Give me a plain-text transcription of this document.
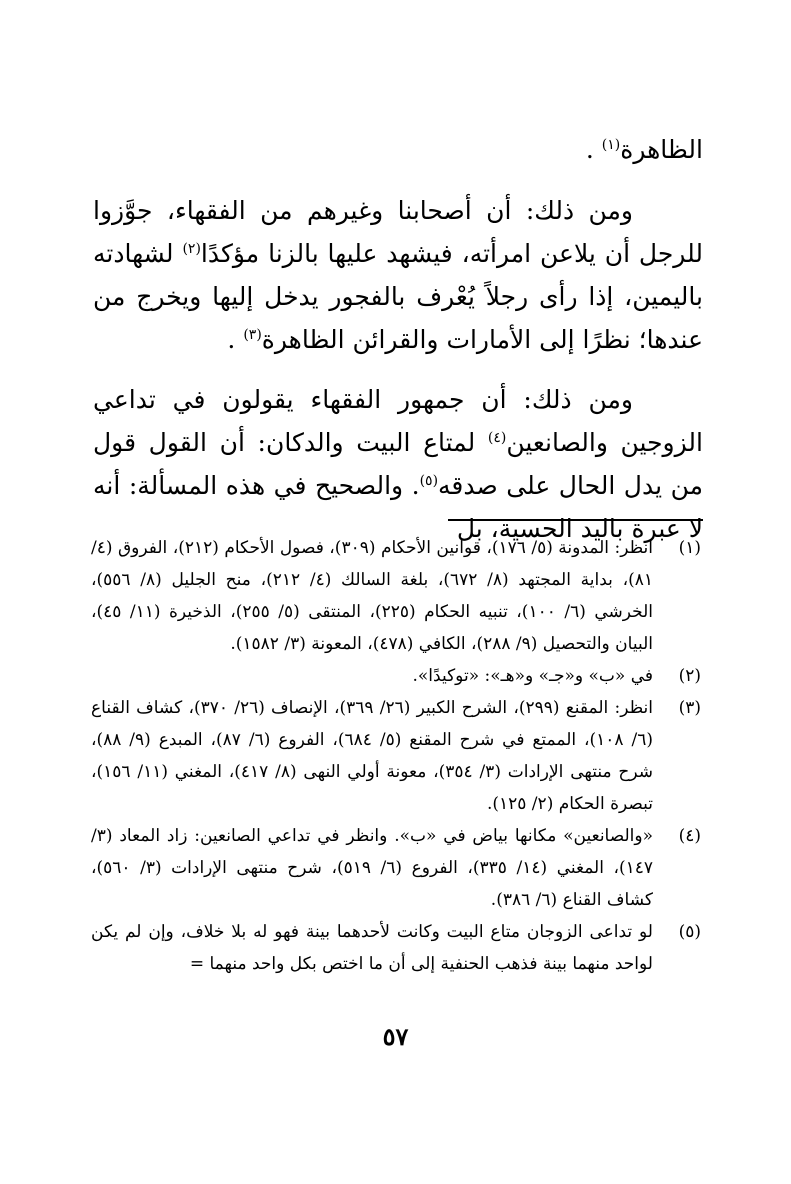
الظاهرة$^{(١)}$ .

ومن ذلك: أن أصحابنا وغيرهم من الفقهاء، جوَّزوا للرجل أن يلاعن امرأته، فيشهد عليها بالزنا مؤكدًا$^{(٢)}$ لشهادته باليمين، إذا رأى رجلاً يُعْرف بالفجور يدخل إليها ويخرج من عندها؛ نظرًا إلى الأمارات والقرائن الظاهرة$^{(٣)}$ .

ومن ذلك: أن جمهور الفقهاء يقولون في تداعي الزوجين والصانعين$^{(٤)}$ لمتاع البيت والدكان: أن القول قول من يدل الحال على صدقه$^{(٥)}$. والصحيح في هذه المسألة: أنه لا عبرة باليد الحسية، بل

(١)
انظر: المدونة (٥/ ١٧٦)، قوانين الأحكام (٣٠٩)، فصول الأحكام (٢١٢)، الفروق (٤/ ٨١)، بداية المجتهد (٨/ ٦٧٢)، بلغة السالك (٤/ ٢١٢)، منح الجليل (٨/ ٥٥٦)، الخرشي (٦/ ١٠٠)، تنبيه الحكام (٢٢٥)، المنتقى (٥/ ٢٥٥)، الذخيرة (١١/ ٤٥)، البيان والتحصيل (٩/ ٢٨٨)، الكافي (٤٧٨)، المعونة (٣/ ١٥٨٢).
(٢)
في «ب» و«جـ» و«هـ»: «توكيدًا».
(٣)
انظر: المقنع (٢٩٩)، الشرح الكبير (٢٦/ ٣٦٩)، الإنصاف (٢٦/ ٣٧٠)، كشاف القناع (٦/ ١٠٨)، الممتع في شرح المقنع (٥/ ٦٨٤)، الفروع (٦/ ٨٧)، المبدع (٩/ ٨٨)، شرح منتهى الإرادات (٣/ ٣٥٤)، معونة أولي النهى (٨/ ٤١٧)، المغني (١١/ ١٥٦)، تبصرة الحكام (٢/ ١٢٥).
(٤)
«والصانعين» مكانها بياض في «ب». وانظر في تداعي الصانعين: زاد المعاد (٣/ ١٤٧)، المغني (١٤/ ٣٣٥)، الفروع (٦/ ٥١٩)، شرح منتهى الإرادات (٣/ ٥٦٠)، كشاف القناع (٦/ ٣٨٦).
(٥)
لو تداعى الزوجان متاع البيت وكانت لأحدهما بينة فهو له بلا خلاف، وإن لم يكن لواحد منهما بينة فذهب الحنفية إلى أن ما اختص بكل واحد منهما =
٥٧
